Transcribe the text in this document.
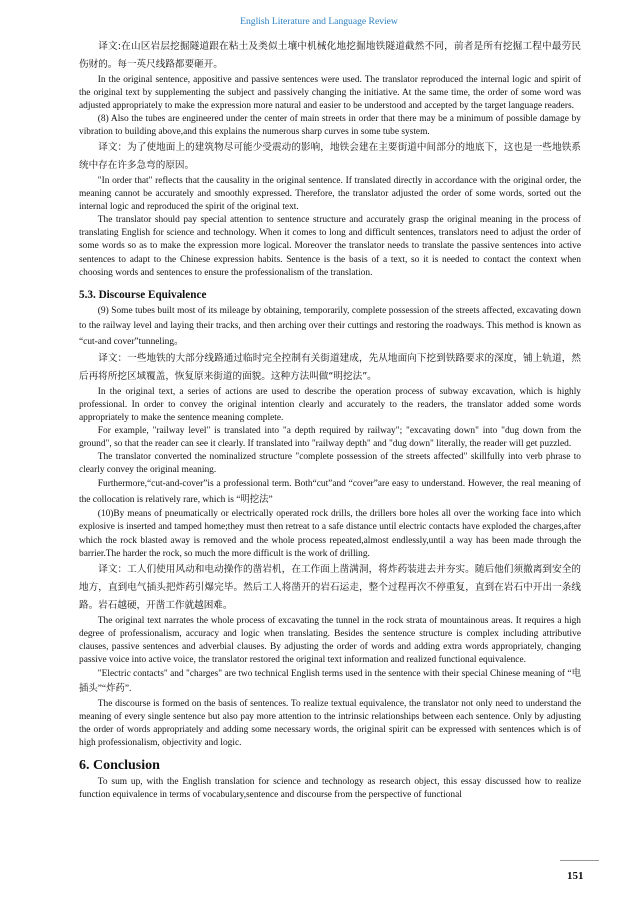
English Literature and Language Review

译文:在山区岩层挖掘隧道跟在粘土及类似土壤中机械化地挖掘地铁隧道截然不同，前者是所有挖掘工程中最劳民伤财的。每一英尺线路都要砸开。

In the original sentence, appositive and passive sentences were used. The translator reproduced the internal logic and spirit of the original text by supplementing the subject and passively changing the initiative. At the same time, the order of some word was adjusted appropriately to make the expression more natural and easier to be understood and accepted by the target language readers.

(8) Also the tubes are engineered under the center of main streets in order that there may be a minimum of possible damage by vibration to building above,and this explains the numerous sharp curves in some tube system.

译文：为了使地面上的建筑物尽可能少受震动的影响，地铁会建在主要街道中间部分的地底下，这也是一些地铁系统中存在许多急弯的原因。

"In order that" reflects that the causality in the original sentence. If translated directly in accordance with the original order, the meaning cannot be accurately and smoothly expressed. Therefore, the translator adjusted the order of some words, sorted out the internal logic and reproduced the spirit of the original text.

The translator should pay special attention to sentence structure and accurately grasp the original meaning in the process of translating English for science and technology. When it comes to long and difficult sentences, translators need to adjust the order of some words so as to make the expression more logical. Moreover the translator needs to translate the passive sentences into active sentences to adapt to the Chinese expression habits. Sentence is the basis of a text, so it is needed to contact the context when choosing words and sentences to ensure the professionalism of the translation.

5.3. Discourse Equivalence

(9) Some tubes built most of its mileage by obtaining, temporarily, complete possession of the streets affected, excavating down to the railway level and laying their tracks, and then arching over their cuttings and restoring the roadways. This method is known as “cut-and cover”tunneling。

译文：一些地铁的大部分线路通过临时完全控制有关街道建成，先从地面向下挖到铁路要求的深度，铺上轨道，然后再将所挖区域覆盖，恢复原来街道的面貌。这种方法叫做“明挖法”。

In the original text, a series of actions are used to describe the operation process of subway excavation, which is highly professional. In order to convey the original intention clearly and accurately to the readers, the translator added some words appropriately to make the sentence meaning complete.

For example, "railway level" is translated into "a depth required by railway"; "excavating down" into "dug down from the ground", so that the reader can see it clearly. If translated into "railway depth" and "dug down" literally, the reader will get puzzled.

The translator converted the nominalized structure "complete possession of the streets affected" skillfully into verb phrase to clearly convey the original meaning.

Furthermore,“cut-and-cover”is a professional term. Both“cut”and “cover”are easy to understand. However, the real meaning of the collocation is relatively rare, which is “明挖法”

(10)By means of pneumatically or electrically operated rock drills, the drillers bore holes all over the working face into which explosive is inserted and tamped home;they must then retreat to a safe distance until electric contacts have exploded the charges,after which the rock blasted away is removed and the whole process repeated,almost endlessly,until a way has been made through the barrier.The harder the rock, so much the more difficult is the work of drilling.

译文：工人们使用风动和电动操作的凿岩机，在工作面上凿满洞，将炸药装进去并夯实。随后他们须撤离到安全的地方，直到电气插头把炸药引爆完毕。然后工人将凿开的岩石运走，整个过程再次不停重复，直到在岩石中开出一条线路。岩石越硬，开凿工作就越困难。

The original text narrates the whole process of excavating the tunnel in the rock strata of mountainous areas. It requires a high degree of professionalism, accuracy and logic when translating. Besides the sentence structure is complex including attributive clauses, passive sentences and adverbial clauses. By adjusting the order of words and adding extra words appropriately, changing passive voice into active voice, the translator restored the original text information and realized functional equivalence.

"Electric contacts" and "charges" are two technical English terms used in the sentence with their special Chinese meaning of “电插头”“炸药”.

The discourse is formed on the basis of sentences. To realize textual equivalence, the translator not only need to understand the meaning of every single sentence but also pay more attention to the intrinsic relationships between each sentence. Only by adjusting the order of words appropriately and adding some necessary words, the original spirit can be expressed with sentences which is of high professionalism, objectivity and logic.

6. Conclusion

To sum up, with the English translation for science and technology as research object, this essay discussed how to realize function equivalence in terms of vocabulary,sentence and discourse from the perspective of functional

151
